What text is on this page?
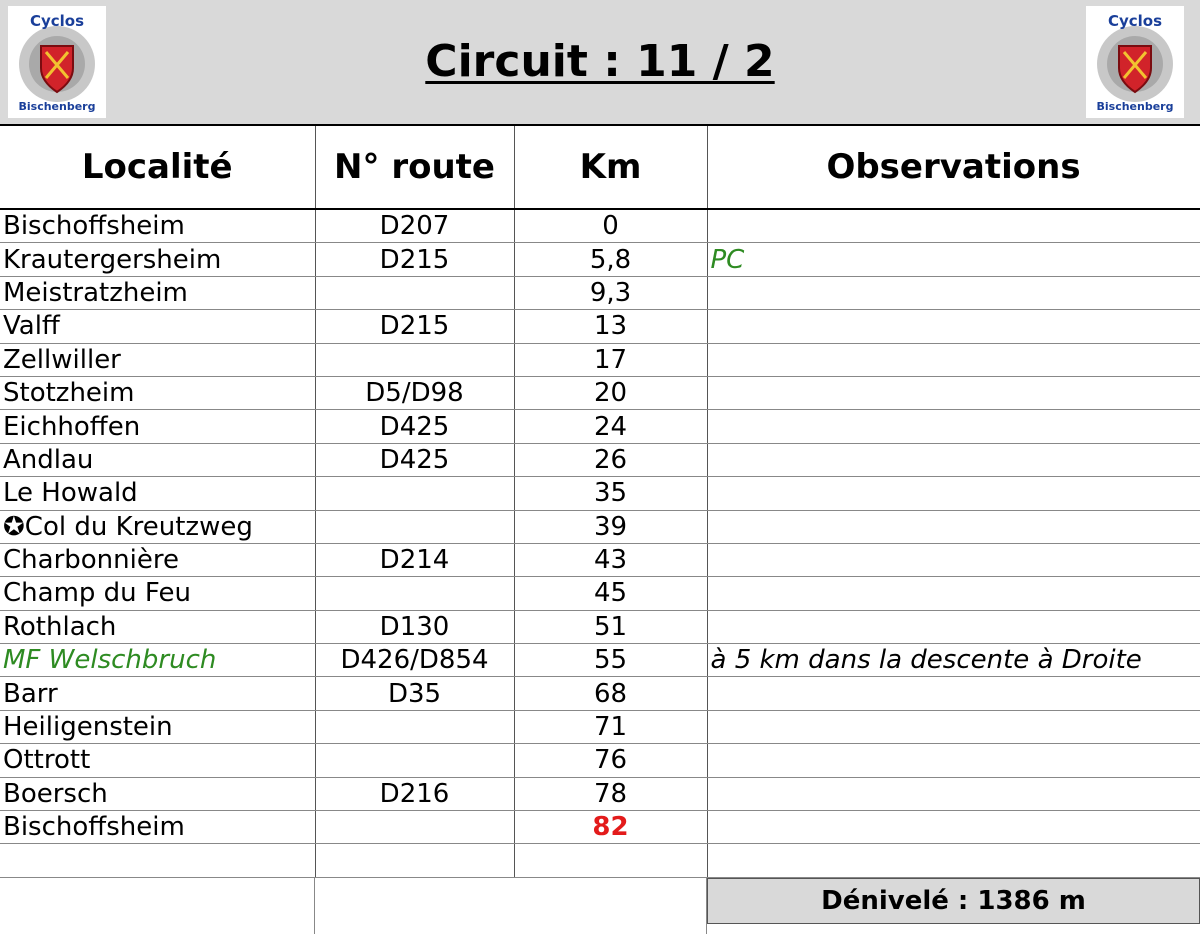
Cyclos
Bischenberg
Circuit : 11 / 2
Cyclos
Bischenberg
Localité	N° route	Km	Observations
Bischoffsheim	D207	0	
Krautergersheim	D215	5,8	PC
Meistratzheim		9,3	
Valff	D215	13	
Zellwiller		17	
Stotzheim	D5/D98	20	
Eichhoffen	D425	24	
Andlau	D425	26	
Le Howald		35	
✪Col du Kreutzweg		39	
Charbonnière	D214	43	
Champ du Feu		45	
Rothlach	D130	51	
MF Welschbruch	D426/D854	55	à 5 km dans la descente à Droite
Barr	D35	68	
Heiligenstein		71	
Ottrott		76	
Boersch	D216	78	
Bischoffsheim		82	

Dénivelé : 1386 m
